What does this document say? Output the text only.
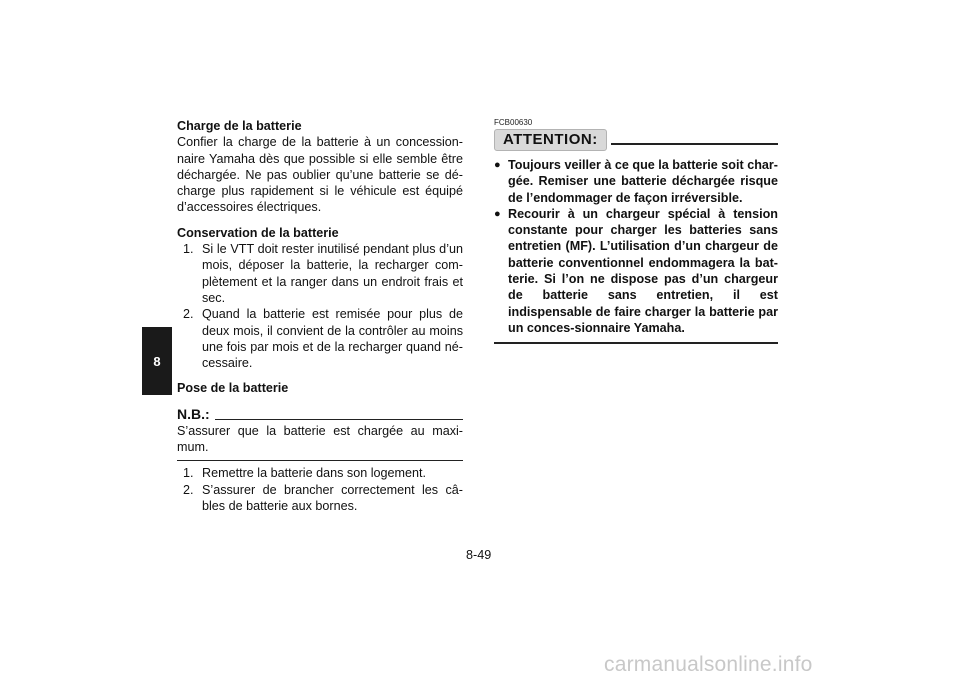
8
Charge de la batterie

Confier la charge de la batterie à un concession-naire Yamaha dès que possible si elle semble être déchargée. Ne pas oublier qu’une batterie se dé-charge plus rapidement si le véhicule est équipé d’accessoires électriques.

Conservation de la batterie
1. Si le VTT doit rester inutilisé pendant plus d’un mois, déposer la batterie, la recharger com-plètement et la ranger dans un endroit frais et sec.
2. Quand la batterie est remisée pour plus de deux mois, il convient de la contrôler au moins une fois par mois et de la recharger quand né-cessaire.
Pose de la batterie
N.B.:
S’assurer que la batterie est chargée au maxi-mum.
1. Remettre la batterie dans son logement.
2. S’assurer de brancher correctement les câ-bles de batterie aux bornes.
FCB00630
ATTENTION:
● Toujours veiller à ce que la batterie soit char-gée. Remiser une batterie déchargée risque de l’endommager de façon irréversible.
● Recourir à un chargeur spécial à tension constante pour charger les batteries sans entretien (MF). L’utilisation d’un chargeur de batterie conventionnel endommagera la bat-terie. Si l’on ne dispose pas d’un chargeur de batterie sans entretien, il est indispensable de faire charger la batterie par un conces-sionnaire Yamaha.
8-49
carmanualsonline.info
